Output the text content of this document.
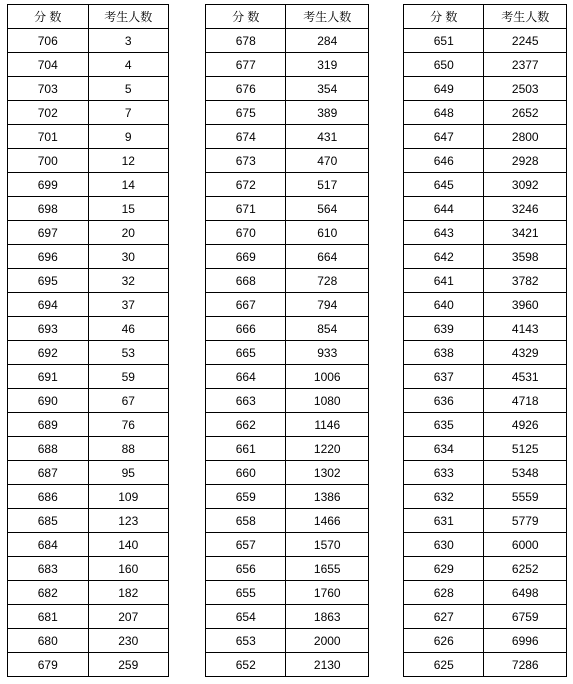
分 数	考生人数
706	3
704	4
703	5
702	7
701	9
700	12
699	14
698	15
697	20
696	30
695	32
694	37
693	46
692	53
691	59
690	67
689	76
688	88
687	95
686	109
685	123
684	140
683	160
682	182
681	207
680	230
679	259
分 数	考生人数
678	284
677	319
676	354
675	389
674	431
673	470
672	517
671	564
670	610
669	664
668	728
667	794
666	854
665	933
664	1006
663	1080
662	1146
661	1220
660	1302
659	1386
658	1466
657	1570
656	1655
655	1760
654	1863
653	2000
652	2130
分 数	考生人数
651	2245
650	2377
649	2503
648	2652
647	2800
646	2928
645	3092
644	3246
643	3421
642	3598
641	3782
640	3960
639	4143
638	4329
637	4531
636	4718
635	4926
634	5125
633	5348
632	5559
631	5779
630	6000
629	6252
628	6498
627	6759
626	6996
625	7286
